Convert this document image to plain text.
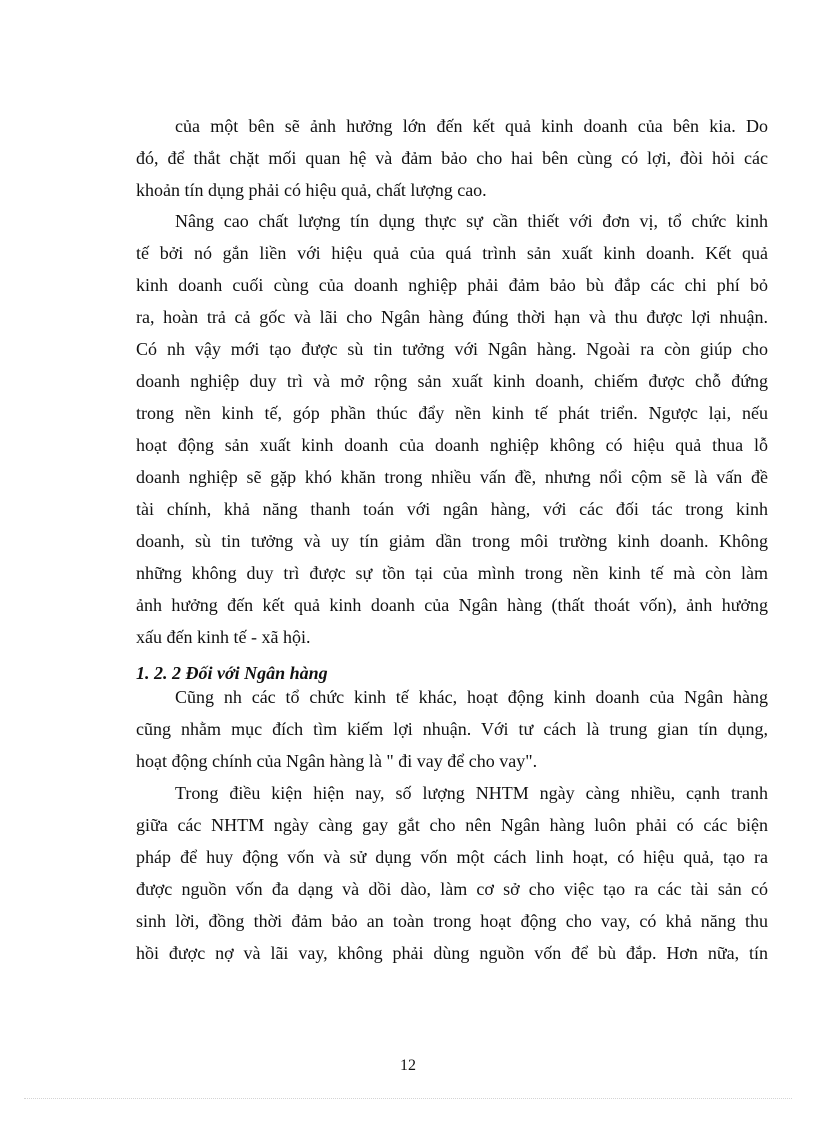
của một bên sẽ ảnh hưởng lớn đến kết quả kinh doanh của bên kia. Do
đó, để thắt chặt mối quan hệ và đảm bảo cho hai bên cùng có lợi, đòi hỏi các
khoản tín dụng phải có hiệu quả, chất lượng cao.
Nâng cao chất lượng tín dụng thực sự cần thiết với đơn vị, tổ chức kinh
tế bởi nó gắn liền với hiệu quả của quá trình sản xuất kinh doanh. Kết quả
kinh doanh cuối cùng của doanh nghiệp phải đảm bảo bù đắp các chi phí bỏ
ra, hoàn trả cả gốc và lãi cho Ngân hàng đúng thời hạn và thu được lợi nhuận.
Có nh vậy mới tạo được sù tin tưởng với Ngân hàng. Ngoài ra còn giúp cho
doanh nghiệp duy trì và mở rộng sản xuất kinh doanh, chiếm được chỗ đứng
trong nền kinh tế, góp phần thúc đẩy nền kinh tế phát triển. Ngược lại, nếu
hoạt động sản xuất kinh doanh của doanh nghiệp không có hiệu quả thua lỗ
doanh nghiệp sẽ gặp khó khăn trong nhiều vấn đề, nhưng nổi cộm sẽ là vấn đề
tài chính, khả năng thanh toán với ngân hàng, với các đối tác trong kinh
doanh, sù tin tưởng và uy tín giảm dần trong môi trường kinh doanh. Không
những không duy trì được sự tồn tại của mình trong nền kinh tế mà còn làm
ảnh hưởng đến kết quả kinh doanh của Ngân hàng (thất thoát vốn), ảnh hưởng
xấu đến kinh tế - xã hội.
1. 2. 2 Đối với Ngân hàng
Cũng nh các tổ chức kinh tế khác, hoạt động kinh doanh của Ngân hàng
cũng nhằm mục đích tìm kiếm lợi nhuận. Với tư cách là trung gian tín dụng,
hoạt động chính của Ngân hàng là " đi vay để cho vay".
Trong điều kiện hiện nay, số lượng NHTM ngày càng nhiều, cạnh tranh
giữa các NHTM ngày càng gay gắt cho nên Ngân hàng luôn phải có các biện
pháp để huy động vốn và sử dụng vốn một cách linh hoạt, có hiệu quả, tạo ra
được nguồn vốn đa dạng và dồi dào, làm cơ sở cho việc tạo ra các tài sản có
sinh lời, đồng thời đảm bảo an toàn trong hoạt động cho vay, có khả năng thu
hồi được nợ và lãi vay, không phải dùng nguồn vốn để bù đắp. Hơn nữa, tín
12
